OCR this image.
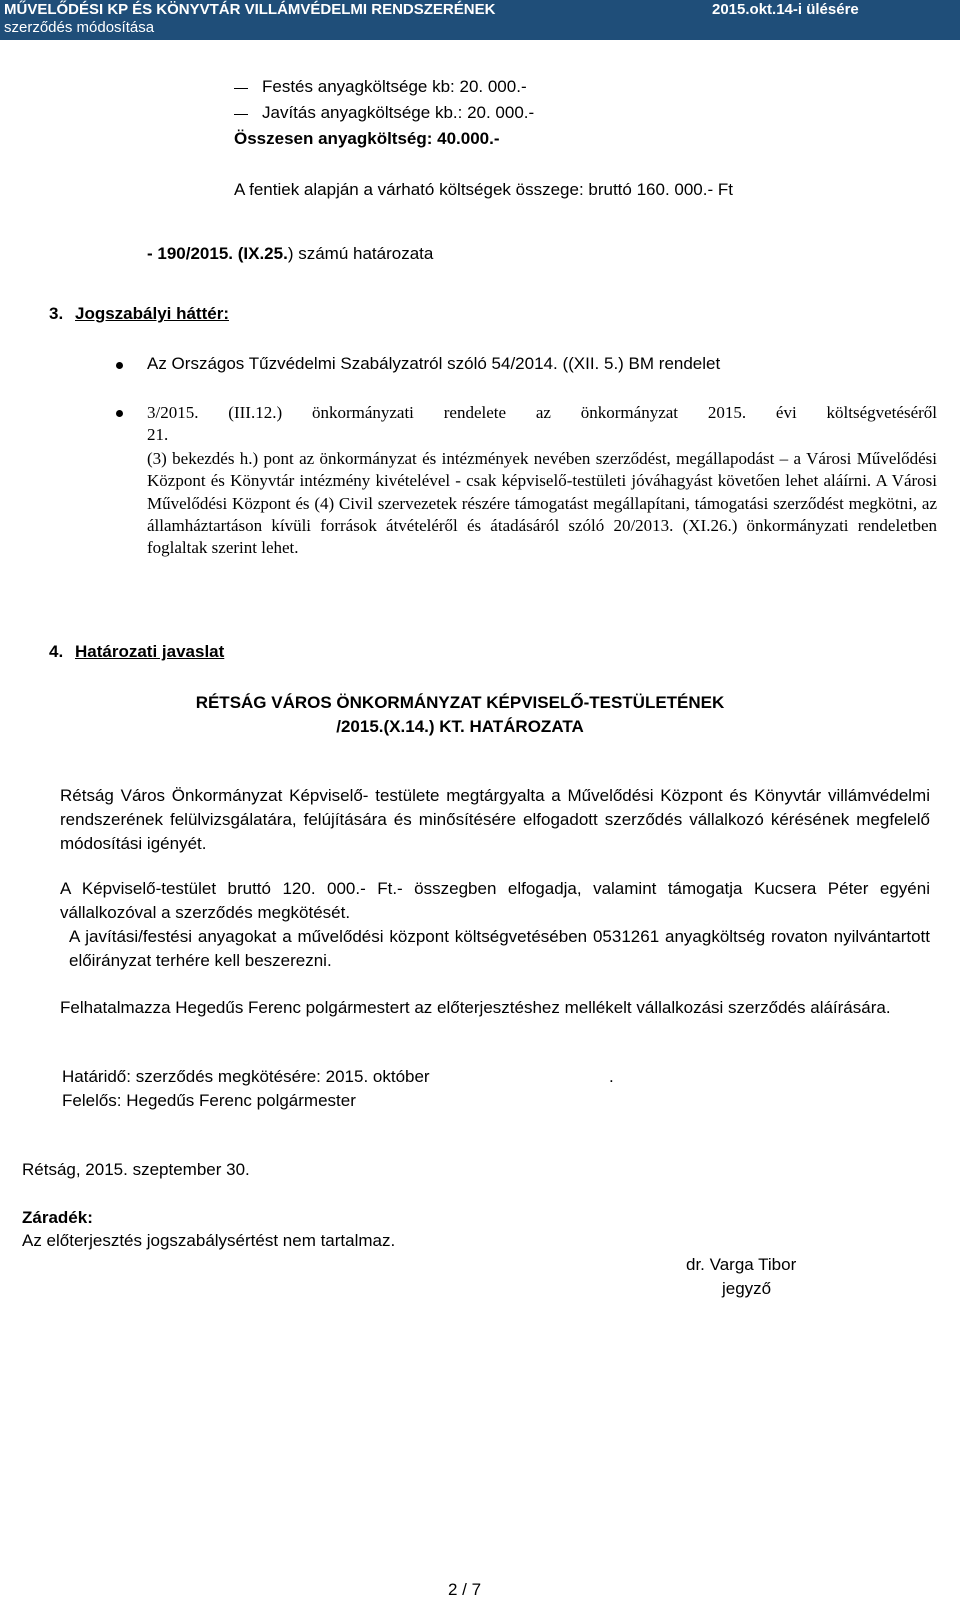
MŰVELŐDÉSI KP ÉS KÖNYVTÁR VILLÁMVÉDELMI RENDSZERÉNEK
szerződés módosítása
2015.okt.14-i ülésére
Festés anyagköltsége kb: 20. 000.-
Javítás anyagköltsége kb.: 20. 000.-
Összesen anyagköltség: 40.000.-
A fentiek alapján a várható költségek összege: bruttó 160. 000.- Ft
- 190/2015. (IX.25.) számú határozata
3. Jogszabályi háttér:
Az Országos Tűzvédelmi Szabályzatról szóló 54/2014. ((XII. 5.) BM rendelet
3/2015. (III.12.) önkormányzati rendelete az önkormányzat 2015. évi költségvetéséről
21.
(3) bekezdés h.) pont az önkormányzat és intézmények nevében szerződést, megállapodást – a Városi Művelődési Központ és Könyvtár intézmény kivételével - csak képviselő-testületi jóváhagyást követően lehet aláírni. A Városi Művelődési Központ és (4) Civil szervezetek részére támogatást megállapítani, támogatási szerződést megkötni, az államháztartáson kívüli források átvételéről és átadásáról szóló 20/2013. (XI.26.) önkormányzati rendeletben foglaltak szerint lehet.
4. Határozati javaslat
RÉTSÁG VÁROS ÖNKORMÁNYZAT KÉPVISELŐ-TESTÜLETÉNEK
/2015.(X.14.) KT. HATÁROZATA
Rétság Város Önkormányzat Képviselő- testülete megtárgyalta a Művelődési Központ és Könyvtár villámvédelmi rendszerének felülvizsgálatára, felújítására és minősítésére elfogadott szerződés vállalkozó kérésének megfelelő módosítási igényét.
A Képviselő-testület bruttó 120. 000.- Ft.- összegben elfogadja, valamint támogatja Kucsera Péter egyéni vállalkozóval a szerződés megkötését.
A javítási/festési anyagokat a művelődési központ költségvetésében 0531261 anyagköltség rovaton nyilvántartott előirányzat terhére kell beszerezni.
Felhatalmazza Hegedűs Ferenc polgármestert az előterjesztéshez mellékelt vállalkozási szerződés aláírására.
Határidő: szerződés megkötésére: 2015. október	.
Felelős: Hegedűs Ferenc polgármester
Rétság, 2015. szeptember 30.
Záradék:
Az előterjesztés jogszabálysértést nem tartalmaz.
dr. Varga Tibor
jegyző
2 / 7
